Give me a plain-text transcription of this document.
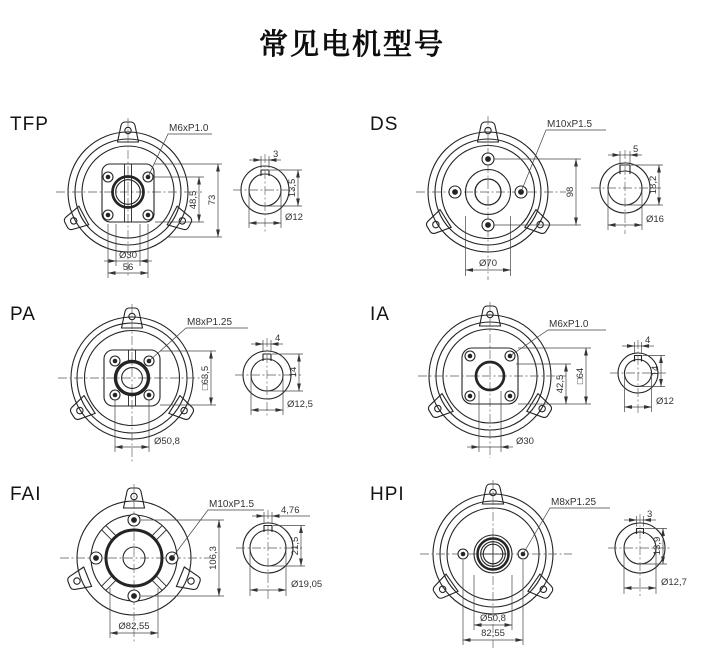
常见电机型号
TFP	M6xP1.0
48,5 73
Ø30
56
3
13,5
Ø12
DS	M10xP1.5
98
Ø70
5
18,2
Ø16
PA	M8xP1.25
□63,5
Ø50,8
4
14
Ø12,5
IA	M6xP1.0
42,5 □64
Ø30
4
14
Ø12
FAI	M10xP1.5
106,3
Ø82,55
4,76
21,5
Ø19,05
HPI	M8xP1.25
Ø50,8
82,55
3
13,9
Ø12,7
